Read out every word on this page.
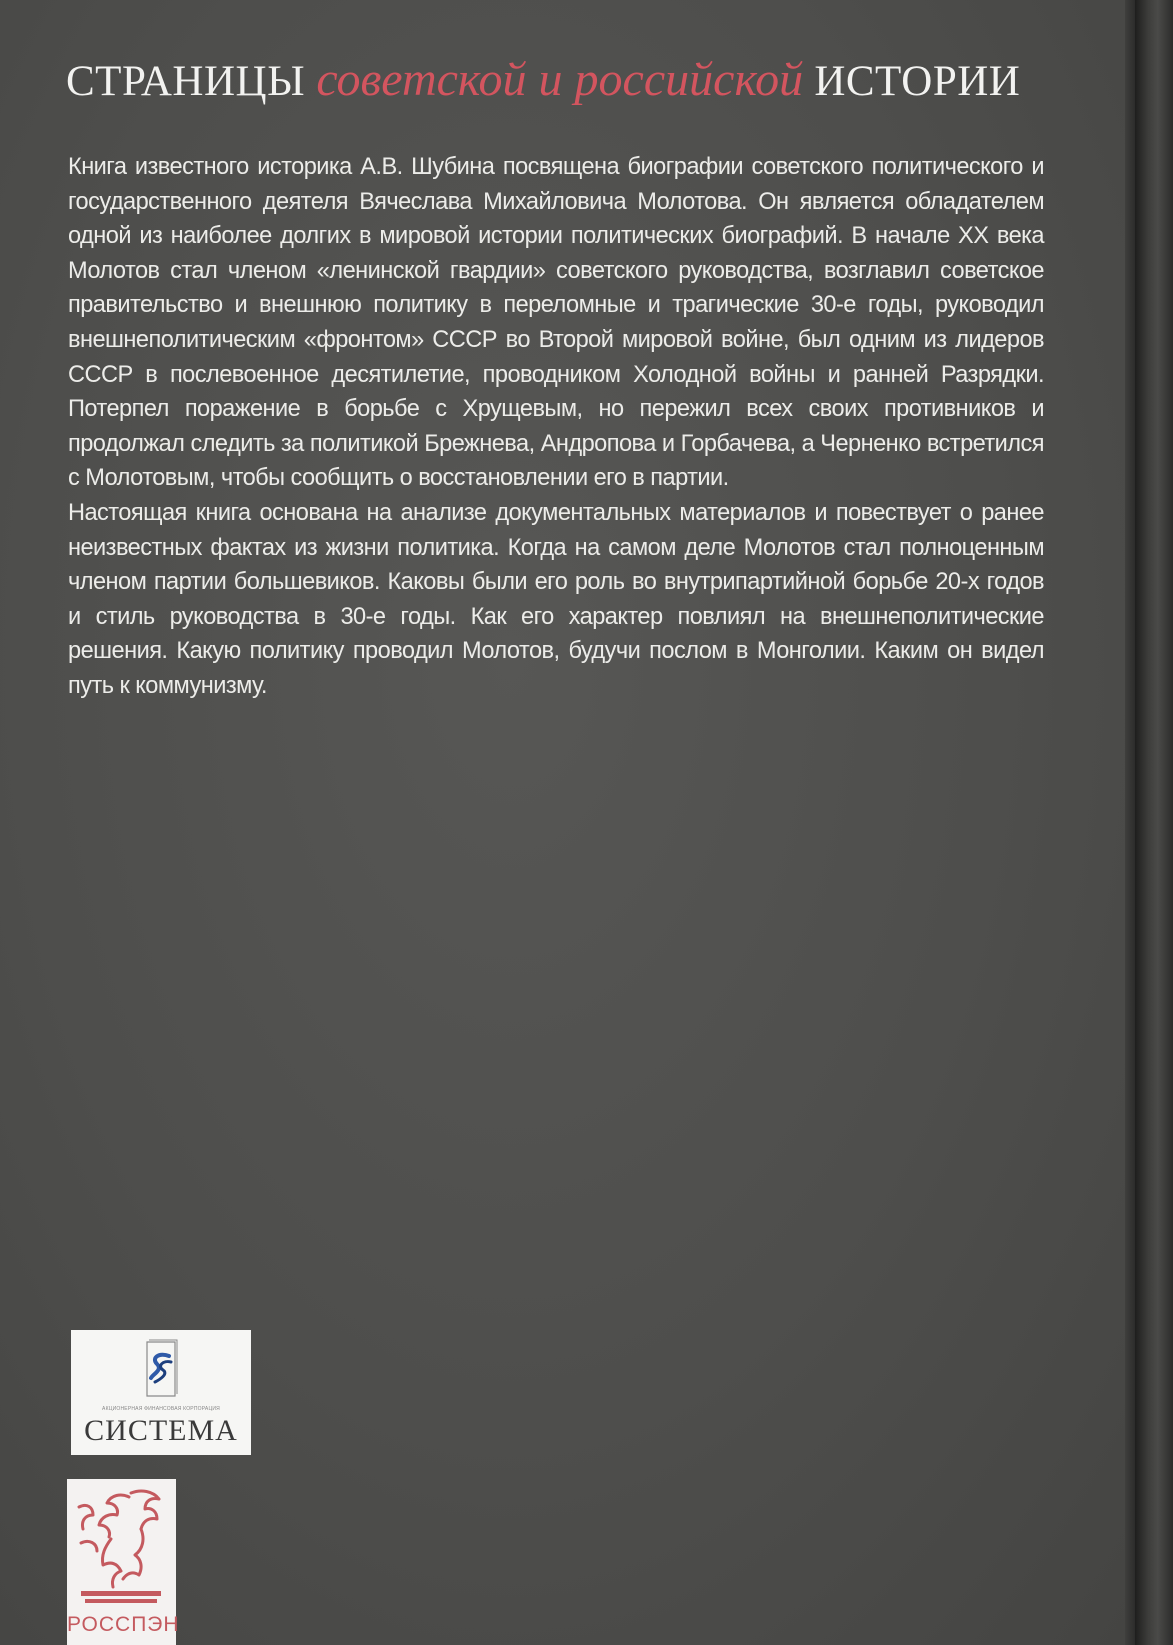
СТРАНИЦЫ советской и российской ИСТОРИИ

Книга известного историка А.В. Шубина посвящена биографии советского политического и государственного деятеля Вячеслава Михайловича Молотова. Он является обладателем одной из наиболее долгих в мировой истории политических биографий. В начале XX века Молотов стал членом «ленинской гвардии» советского руководства, возглавил советское правительство и внешнюю политику в переломные и трагические 30-е годы, руководил внешнеполитическим «фронтом» СССР во Второй мировой войне, был одним из лидеров СССР в послевоенное десятилетие, проводником Холодной войны и ранней Разрядки. Потерпел поражение в борьбе с Хрущевым, но пережил всех своих противников и продолжал следить за политикой Брежнева, Андропова и Горбачева, а Черненко встретился с Молотовым, чтобы сообщить о восстановлении его в партии.

Настоящая книга основана на анализе документальных материалов и повествует о ранее неизвестных фактах из жизни политика. Когда на самом деле Молотов стал полноценным членом партии большевиков. Каковы были его роль во внутрипартийной борьбе 20-х годов и стиль руководства в 30-е годы. Как его характер повлиял на внешнеполитические решения. Какую политику проводил Молотов, будучи послом в Монголии. Каким он видел путь к коммунизму.

АКЦИОНЕРНАЯ ФИНАНСОВАЯ КОРПОРАЦИЯ
СИСТЕМА
РОССПЭН
